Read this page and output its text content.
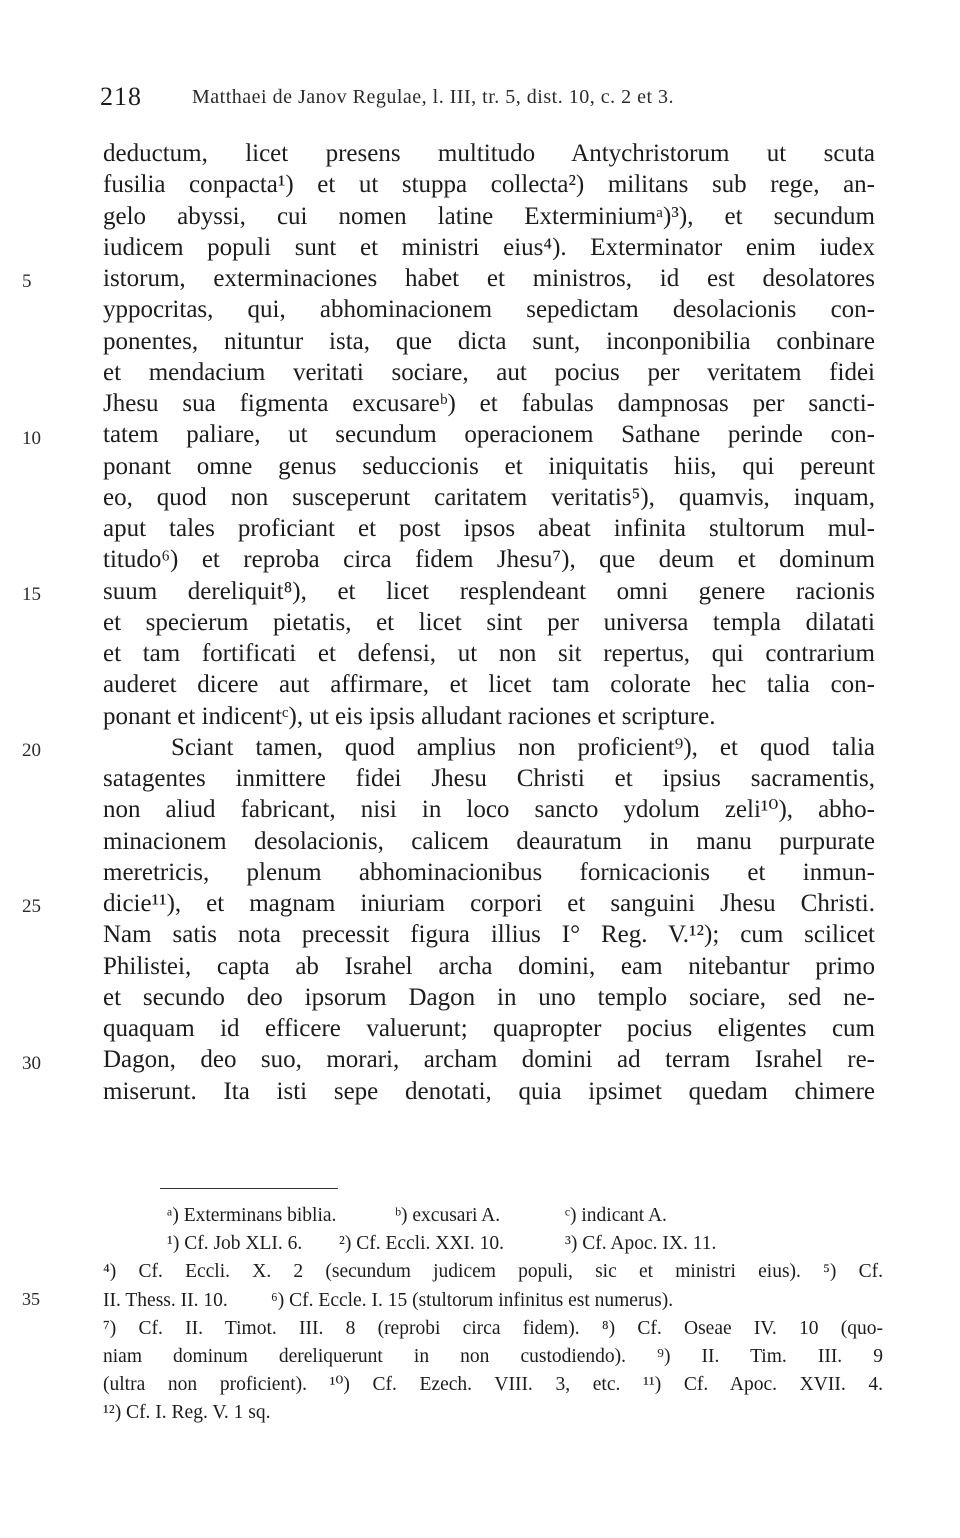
218	Matthaei de Janov Regulae, l. III, tr. 5, dist. 10, c. 2 et 3.
deductum, licet presens multitudo Antychristorum ut scuta
fusilia conpacta¹) et ut stuppa collecta²) militans sub rege, an-
gelo abyssi, cui nomen latine Exterminiumᵃ)³), et secundum
iudicem populi sunt et ministri eius⁴). Exterminator enim iudex
istorum, exterminaciones habet et ministros, id est desolatores
yppocritas, qui, abhominacionem sepedictam desolacionis con-
ponentes, nituntur ista, que dicta sunt, inconponibilia conbinare
et mendacium veritati sociare, aut pocius per veritatem fidei
Jhesu sua figmenta excusareᵇ) et fabulas dampnosas per sancti-
tatem paliare, ut secundum operacionem Sathane perinde con-
ponant omne genus seduccionis et iniquitatis hiis, qui pereunt
eo, quod non susceperunt caritatem veritatis⁵), quamvis, inquam,
aput tales proficiant et post ipsos abeat infinita stultorum mul-
titudo⁶) et reproba circa fidem Jhesu⁷), que deum et dominum
suum dereliquit⁸), et licet resplendeant omni genere racionis
et specierum pietatis, et licet sint per universa templa dilatati
et tam fortificati et defensi, ut non sit repertus, qui contrarium
auderet dicere aut affirmare, et licet tam colorate hec talia con-
ponant et indicentᶜ), ut eis ipsis alludant raciones et scripture.
Sciant tamen, quod amplius non proficient⁹), et quod talia
satagentes inmittere fidei Jhesu Christi et ipsius sacramentis,
non aliud fabricant, nisi in loco sancto ydolum zeli¹⁰), abho-
minacionem desolacionis, calicem deauratum in manu purpurate
meretricis, plenum abhominacionibus fornicacionis et inmun-
dicie¹¹), et magnam iniuriam corpori et sanguini Jhesu Christi.
Nam satis nota precessit figura illius I° Reg. V.¹²); cum scilicet
Philistei, capta ab Israhel archa domini, eam nitebantur primo
et secundo deo ipsorum Dagon in uno templo sociare, sed ne-
quaquam id efficere valuerunt; quapropter pocius eligentes cum
Dagon, deo suo, morari, archam domini ad terram Israhel re-
miserunt. Ita isti sepe denotati, quia ipsimet quedam chimere
5
10
15
20
25
30
ᵃ) Exterminans biblia.	ᵇ) excusari A.	ᶜ) indicant A.
¹) Cf. Job XLI. 6. ²) Cf. Eccli. XXI. 10.	³) Cf. Apoc. IX. 11.
⁴) Cf. Eccli. X. 2 (secundum judicem populi, sic et ministri eius). ⁵) Cf.
II. Thess. II. 10. ⁶) Cf. Eccle. I. 15 (stultorum infinitus est numerus).
⁷) Cf. II. Timot. III. 8 (reprobi circa fidem). ⁸) Cf. Oseae IV. 10 (quo-
niam dominum dereliquerunt in non custodiendo). ⁹) II. Tim. III. 9
(ultra non proficient). ¹⁰) Cf. Ezech. VIII. 3, etc. ¹¹) Cf. Apoc. XVII. 4.
¹²) Cf. I. Reg. V. 1 sq.
35
